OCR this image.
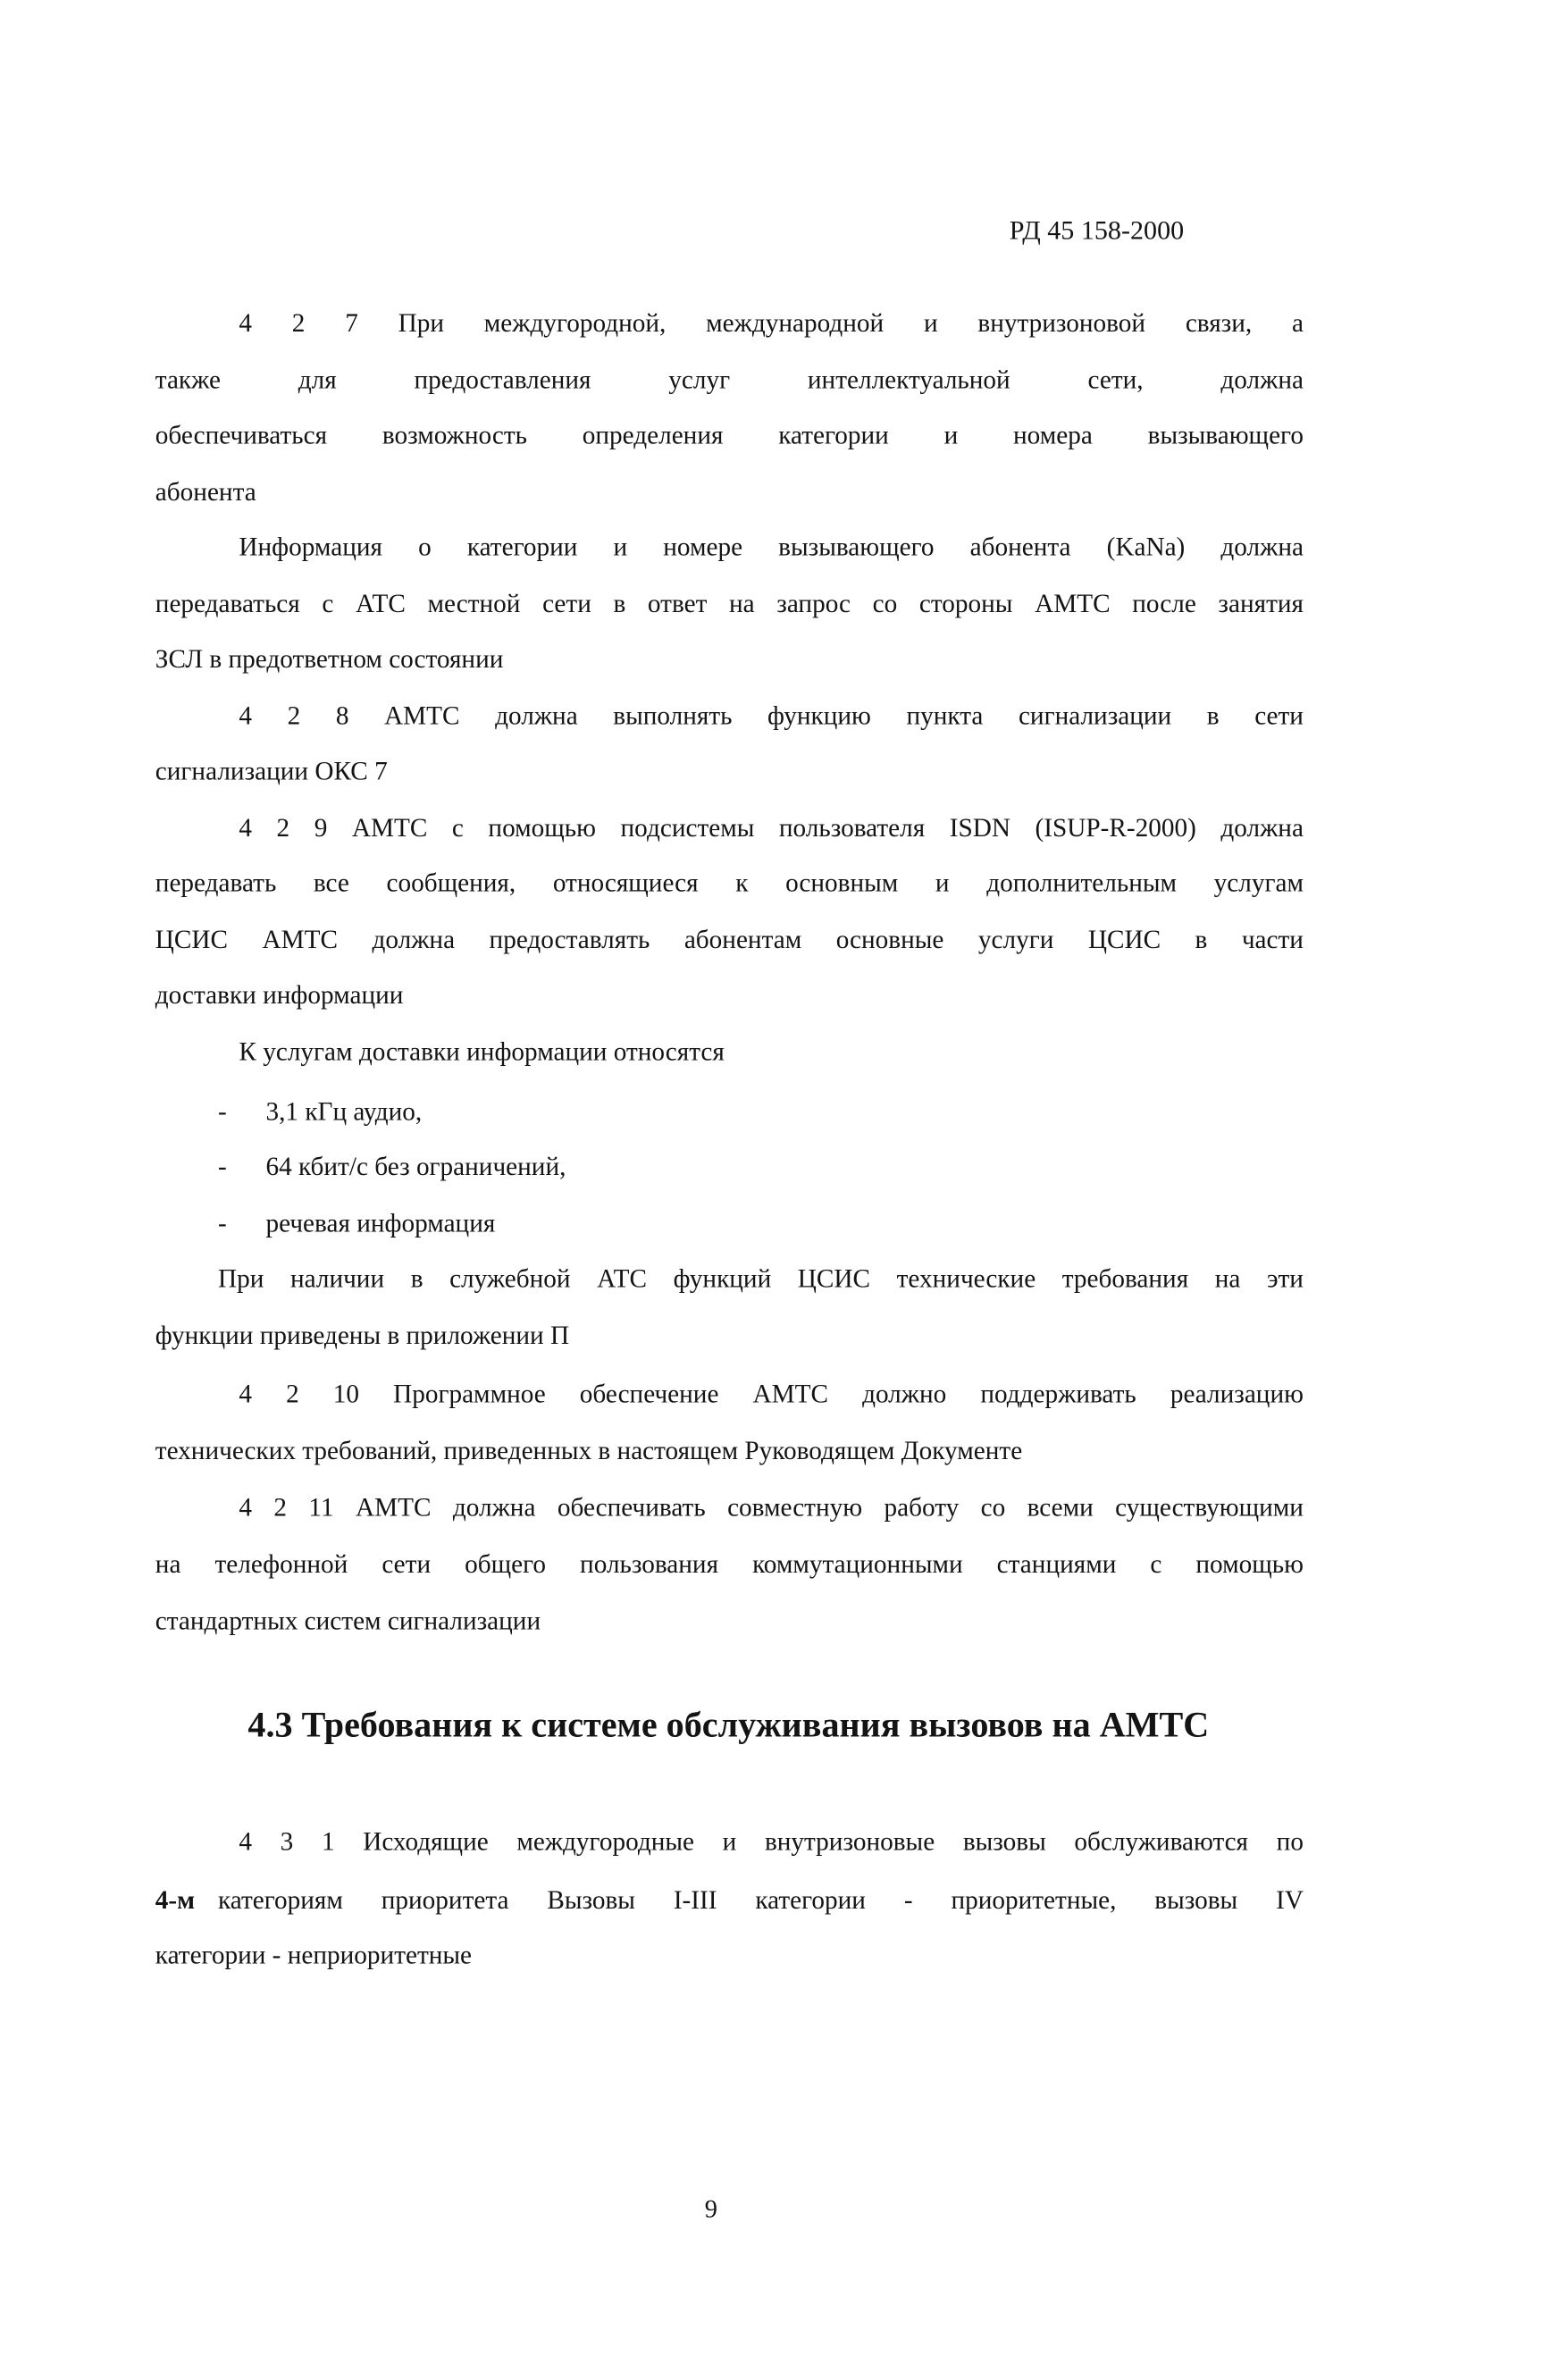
РД 45 158-2000
4 2 7 При междугородной, международной и внутризоновой связи, а
также для предоставления услуг интеллектуальной сети, должна
обеспечиваться возможность определения категории и номера вызывающего
абонента
Информация о категории и номере вызывающего абонента (KaNa) должна
передаваться с АТС местной сети в ответ на запрос со стороны АМТС после занятия
ЗСЛ в предответном состоянии
4 2 8 АМТС должна выполнять функцию пункта сигнализации в сети
сигнализации ОКС 7
4 2 9 АМТС с помощью подсистемы пользователя ISDN (ISUP-R-2000) должна
передавать все сообщения, относящиеся к основным и дополнительным услугам
ЦСИС АМТС должна предоставлять абонентам основные услуги ЦСИС в части
доставки информации
К услугам доставки информации относятся
- 3,1 кГц аудио,
- 64 кбит/с без ограничений,
- речевая информация
При наличии в служебной АТС функций ЦСИС технические требования на эти
функции приведены в приложении П
4 2 10 Программное обеспечение АМТС должно поддерживать реализацию
технических требований, приведенных в настоящем Руководящем Документе
4 2 11 АМТС должна обеспечивать совместную работу со всеми существующими
на телефонной сети общего пользования коммутационными станциями с помощью
стандартных систем сигнализации
4.3 Требования к системе обслуживания вызовов на АМТС
4 3 1 Исходящие междугородные и внутризоновые вызовы обслуживаются по
4-м категориям приоритета Вызовы I-III категории - приоритетные, вызовы IV
категории - неприоритетные
9
